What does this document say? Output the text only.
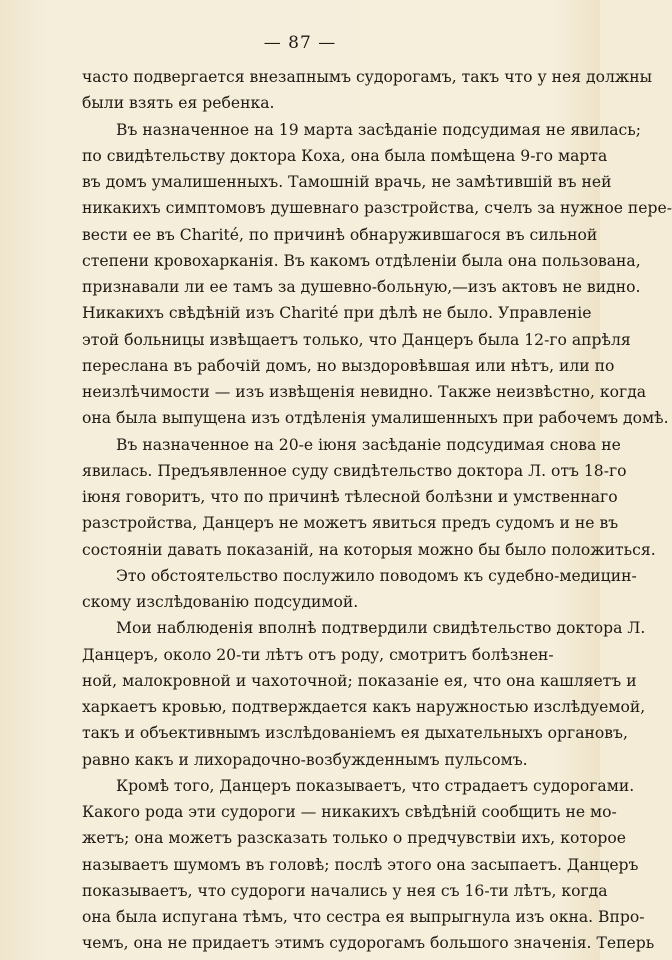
— 87 —
часто подвергается внезапнымъ судорогамъ, такъ что у нея должны
были взять ея ребенка.
Въ назначенное на 19 марта засѣданіе подсудимая не явилась;
по свидѣтельству доктора Коха, она была помѣщена 9-го марта
въ домъ умалишенныхъ. Тамошній врачь, не замѣтившій въ ней
никакихъ симптомовъ душевнаго разстройства, счелъ за нужное пере-
вести ее въ Charité, по причинѣ обнаружившагося въ сильной
степени кровохарканія. Въ какомъ отдѣленіи была она пользована,
признавали ли ее тамъ за душевно-больную,—изъ актовъ не видно.
Никакихъ свѣдѣній изъ Charité при дѣлѣ не было. Управленіе
этой больницы извѣщаетъ только, что Данцеръ была 12-го апрѣля
переслана въ рабочій домъ, но выздоровѣвшая или нѣтъ, или по
неизлѣчимости — изъ извѣщенія невидно. Также неизвѣстно, когда
она была выпущена изъ отдѣленія умалишенныхъ при рабочемъ домѣ.
Въ назначенное на 20-е іюня засѣданіе подсудимая снова не
явилась. Предъявленное суду свидѣтельство доктора Л. отъ 18-го
іюня говоритъ, что по причинѣ тѣлесной болѣзни и умственнаго
разстройства, Данцеръ не можетъ явиться предъ судомъ и не въ
состояніи давать показаній, на которыя можно бы было положиться.
Это обстоятельство послужило поводомъ къ судебно-медицин-
скому изслѣдованію подсудимой.
Мои наблюденія вполнѣ подтвердили свидѣтельство доктора Л.
Данцеръ, около 20-ти лѣтъ отъ роду, смотритъ болѣзнен-
ной, малокровной и чахоточной; показаніе ея, что она кашляетъ и
харкаетъ кровью, подтверждается какъ наружностью изслѣдуемой,
такъ и объективнымъ изслѣдованіемъ ея дыхательныхъ органовъ,
равно какъ и лихорадочно-возбужденнымъ пульсомъ.
Кромѣ того, Данцеръ показываетъ, что страдаетъ судорогами.
Какого рода эти судороги — никакихъ свѣдѣній сообщить не мо-
жетъ; она можетъ разсказать только о предчувствіи ихъ, которое
называетъ шумомъ въ головѣ; послѣ этого она засыпаетъ. Данцеръ
показываетъ, что судороги начались у нея съ 16-ти лѣтъ, когда
она была испугана тѣмъ, что сестра ея выпрыгнула изъ окна. Впро-
чемъ, она не придаетъ этимъ судорогамъ большого значенія. Теперь
